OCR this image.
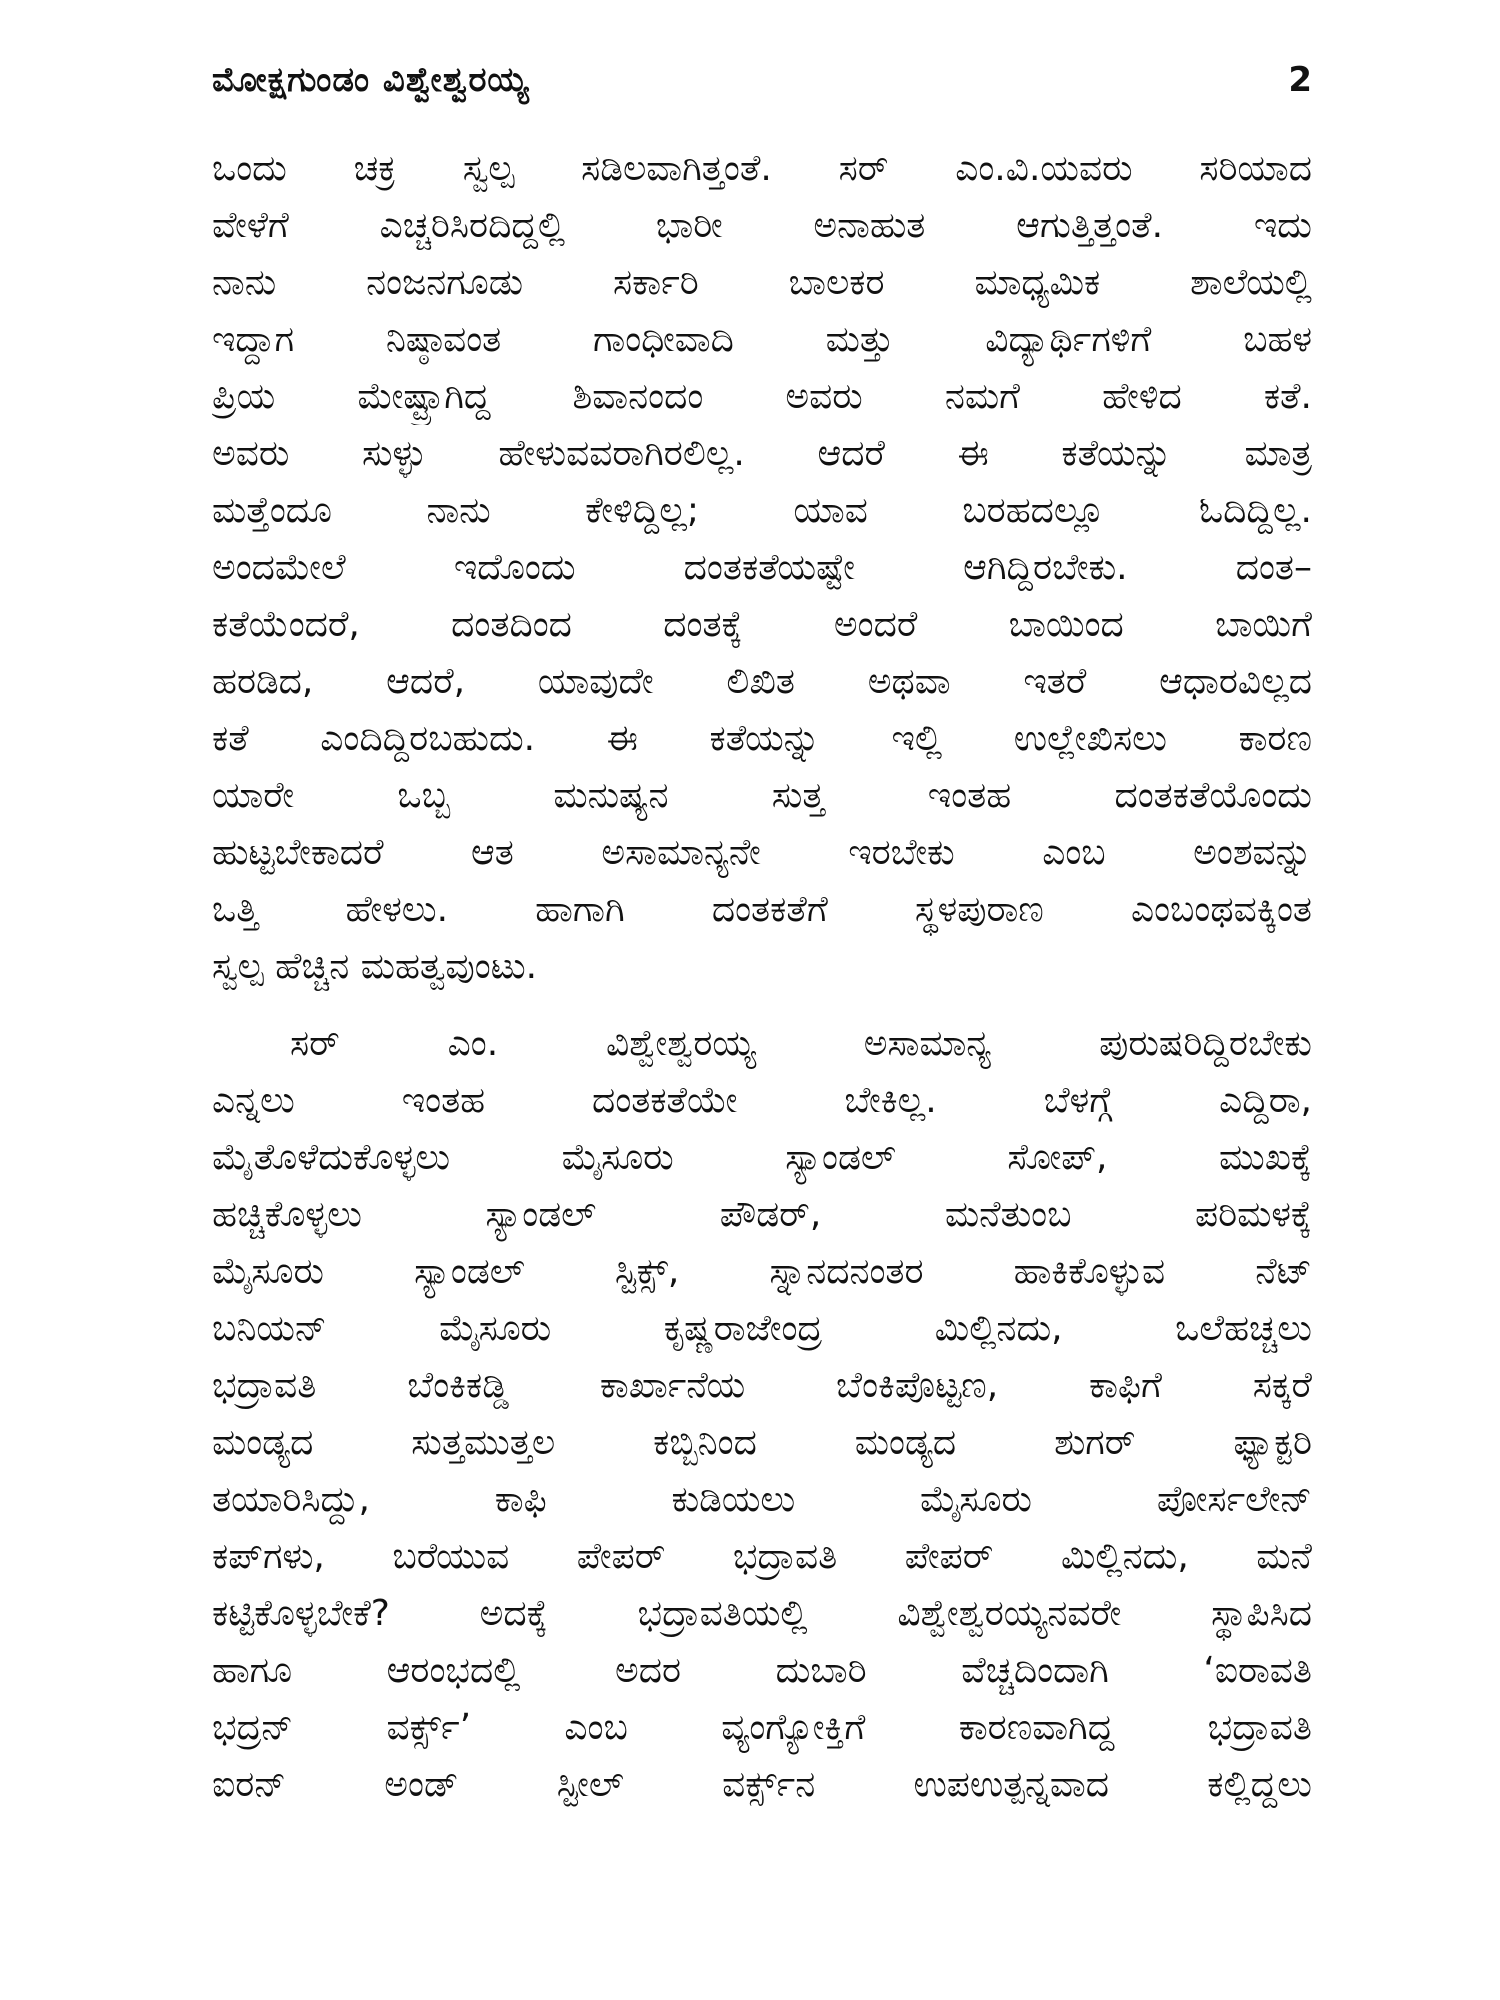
ಮೋಕ್ಷಗುಂಡಂ ವಿಶ್ವೇಶ್ವರಯ್ಯ	2
ಒಂದು ಚಕ್ರ ಸ್ವಲ್ಪ ಸಡಿಲವಾಗಿತ್ತಂತೆ. ಸರ್ ಎಂ.ವಿ.ಯವರು ಸರಿಯಾದ
ವೇಳೆಗೆ ಎಚ್ಚರಿಸಿರದಿದ್ದಲ್ಲಿ ಭಾರೀ ಅನಾಹುತ ಆಗುತ್ತಿತ್ತಂತೆ. ಇದು
ನಾನು ನಂಜನಗೂಡು ಸರ್ಕಾರಿ ಬಾಲಕರ ಮಾಧ್ಯಮಿಕ ಶಾಲೆಯಲ್ಲಿ
ಇದ್ದಾಗ ನಿಷ್ಠಾವಂತ ಗಾಂಧೀವಾದಿ ಮತ್ತು ವಿದ್ಯಾರ್ಥಿಗಳಿಗೆ ಬಹಳ
ಪ್ರಿಯ ಮೇಷ್ಟ್ರಾಗಿದ್ದ ಶಿವಾನಂದಂ ಅವರು ನಮಗೆ ಹೇಳಿದ ಕತೆ.
ಅವರು ಸುಳ್ಳು ಹೇಳುವವರಾಗಿರಲಿಲ್ಲ. ಆದರೆ ಈ ಕತೆಯನ್ನು ಮಾತ್ರ
ಮತ್ತೆಂದೂ ನಾನು ಕೇಳಿದ್ದಿಲ್ಲ; ಯಾವ ಬರಹದಲ್ಲೂ ಓದಿದ್ದಿಲ್ಲ.
ಅಂದಮೇಲೆ ಇದೊಂದು ದಂತಕತೆಯಷ್ಟೇ ಆಗಿದ್ದಿರಬೇಕು. ದಂತ–
ಕತೆಯೆಂದರೆ, ದಂತದಿಂದ ದಂತಕ್ಕೆ ಅಂದರೆ ಬಾಯಿಂದ ಬಾಯಿಗೆ
ಹರಡಿದ, ಆದರೆ, ಯಾವುದೇ ಲಿಖಿತ ಅಥವಾ ಇತರೆ ಆಧಾರವಿಲ್ಲದ
ಕತೆ ಎಂದಿದ್ದಿರಬಹುದು. ಈ ಕತೆಯನ್ನು ಇಲ್ಲಿ ಉಲ್ಲೇಖಿಸಲು ಕಾರಣ
ಯಾರೇ ಒಬ್ಬ ಮನುಷ್ಯನ ಸುತ್ತ ಇಂತಹ ದಂತಕತೆಯೊಂದು
ಹುಟ್ಟಬೇಕಾದರೆ ಆತ ಅಸಾಮಾನ್ಯನೇ ಇರಬೇಕು ಎಂಬ ಅಂಶವನ್ನು
ಒತ್ತಿ ಹೇಳಲು. ಹಾಗಾಗಿ ದಂತಕತೆಗೆ ಸ್ಥಳಪುರಾಣ ಎಂಬಂಥವಕ್ಕಿಂತ
ಸ್ವಲ್ಪ ಹೆಚ್ಚಿನ ಮಹತ್ವವುಂಟು.
ಸರ್ ಎಂ. ವಿಶ್ವೇಶ್ವರಯ್ಯ ಅಸಾಮಾನ್ಯ ಪುರುಷರಿದ್ದಿರಬೇಕು
ಎನ್ನಲು ಇಂತಹ ದಂತಕತೆಯೇ ಬೇಕಿಲ್ಲ. ಬೆಳಗ್ಗೆ ಎದ್ದಿರಾ,
ಮೈತೊಳೆದುಕೊಳ್ಳಲು ಮೈಸೂರು ಸ್ಯಾಂಡಲ್ ಸೋಪ್, ಮುಖಕ್ಕೆ
ಹಚ್ಚಿಕೊಳ್ಳಲು ಸ್ಯಾಂಡಲ್ ಪೌಡರ್, ಮನೆತುಂಬ ಪರಿಮಳಕ್ಕೆ
ಮೈಸೂರು ಸ್ಯಾಂಡಲ್ ಸ್ಟಿಕ್ಸ್, ಸ್ನಾನದನಂತರ ಹಾಕಿಕೊಳ್ಳುವ ನೆಟ್
ಬನಿಯನ್ ಮೈಸೂರು ಕೃಷ್ಣರಾಜೇಂದ್ರ ಮಿಲ್ಲಿನದು, ಒಲೆಹಚ್ಚಲು
ಭದ್ರಾವತಿ ಬೆಂಕಿಕಡ್ಡಿ ಕಾರ್ಖಾನೆಯ ಬೆಂಕಿಪೊಟ್ಟಣ, ಕಾಫಿಗೆ ಸಕ್ಕರೆ
ಮಂಡ್ಯದ ಸುತ್ತಮುತ್ತಲ ಕಬ್ಬಿನಿಂದ ಮಂಡ್ಯದ ಶುಗರ್ ಫ್ಯಾಕ್ಟರಿ
ತಯಾರಿಸಿದ್ದು, ಕಾಫಿ ಕುಡಿಯಲು ಮೈಸೂರು ಪೋರ್ಸಲೇನ್
ಕಪ್‌ಗಳು, ಬರೆಯುವ ಪೇಪರ್ ಭದ್ರಾವತಿ ಪೇಪರ್ ಮಿಲ್ಲಿನದು, ಮನೆ
ಕಟ್ಟಿಕೊಳ್ಳಬೇಕೆ? ಅದಕ್ಕೆ ಭದ್ರಾವತಿಯಲ್ಲಿ ವಿಶ್ವೇಶ್ವರಯ್ಯನವರೇ ಸ್ಥಾಪಿಸಿದ
ಹಾಗೂ ಆರಂಭದಲ್ಲಿ ಅದರ ದುಬಾರಿ ವೆಚ್ಚದಿಂದಾಗಿ ‘ಐರಾವತಿ
ಭದ್ರನ್ ವರ್ಕ್ಸ್’ ಎಂಬ ವ್ಯಂಗ್ಯೋಕ್ತಿಗೆ ಕಾರಣವಾಗಿದ್ದ ಭದ್ರಾವತಿ
ಐರನ್ ಅಂಡ್ ಸ್ಟೀಲ್ ವರ್ಕ್ಸ್‌ನ ಉಪಉತ್ಪನ್ನವಾದ ಕಲ್ಲಿದ್ದಲು
